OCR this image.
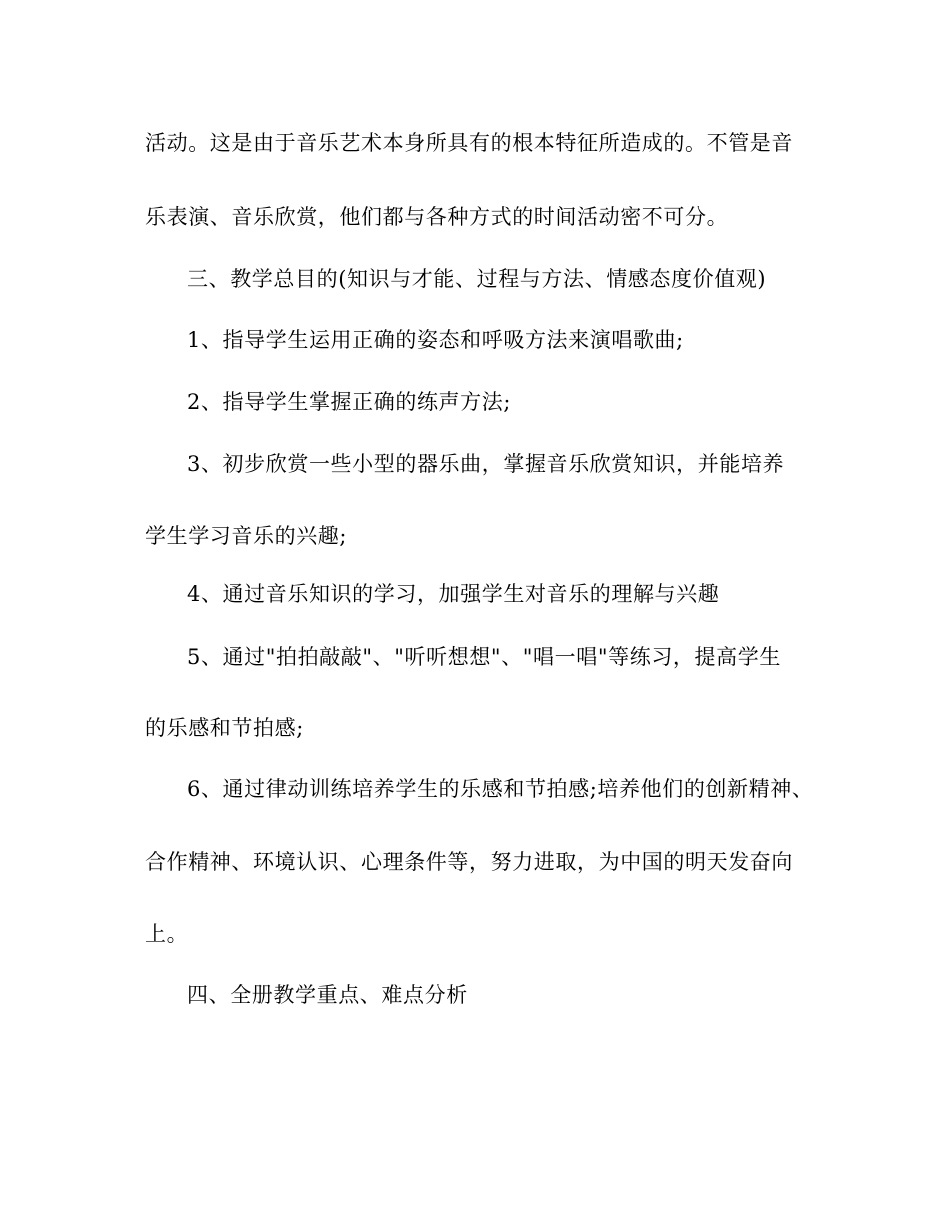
活动。这是由于音乐艺术本身所具有的根本特征所造成的。不管是音
乐表演、音乐欣赏，他们都与各种方式的时间活动密不可分。
三、教学总目的(知识与才能、过程与方法、情感态度价值观)
1、指导学生运用正确的姿态和呼吸方法来演唱歌曲;
2、指导学生掌握正确的练声方法;
3、初步欣赏一些小型的器乐曲，掌握音乐欣赏知识，并能培养
学生学习音乐的兴趣;
4、通过音乐知识的学习，加强学生对音乐的理解与兴趣
5、通过"拍拍敲敲"、"听听想想"、"唱一唱"等练习，提高学生
的乐感和节拍感;
6、通过律动训练培养学生的乐感和节拍感;培养他们的创新精神、
合作精神、环境认识、心理条件等，努力进取，为中国的明天发奋向
上。
四、全册教学重点、难点分析
